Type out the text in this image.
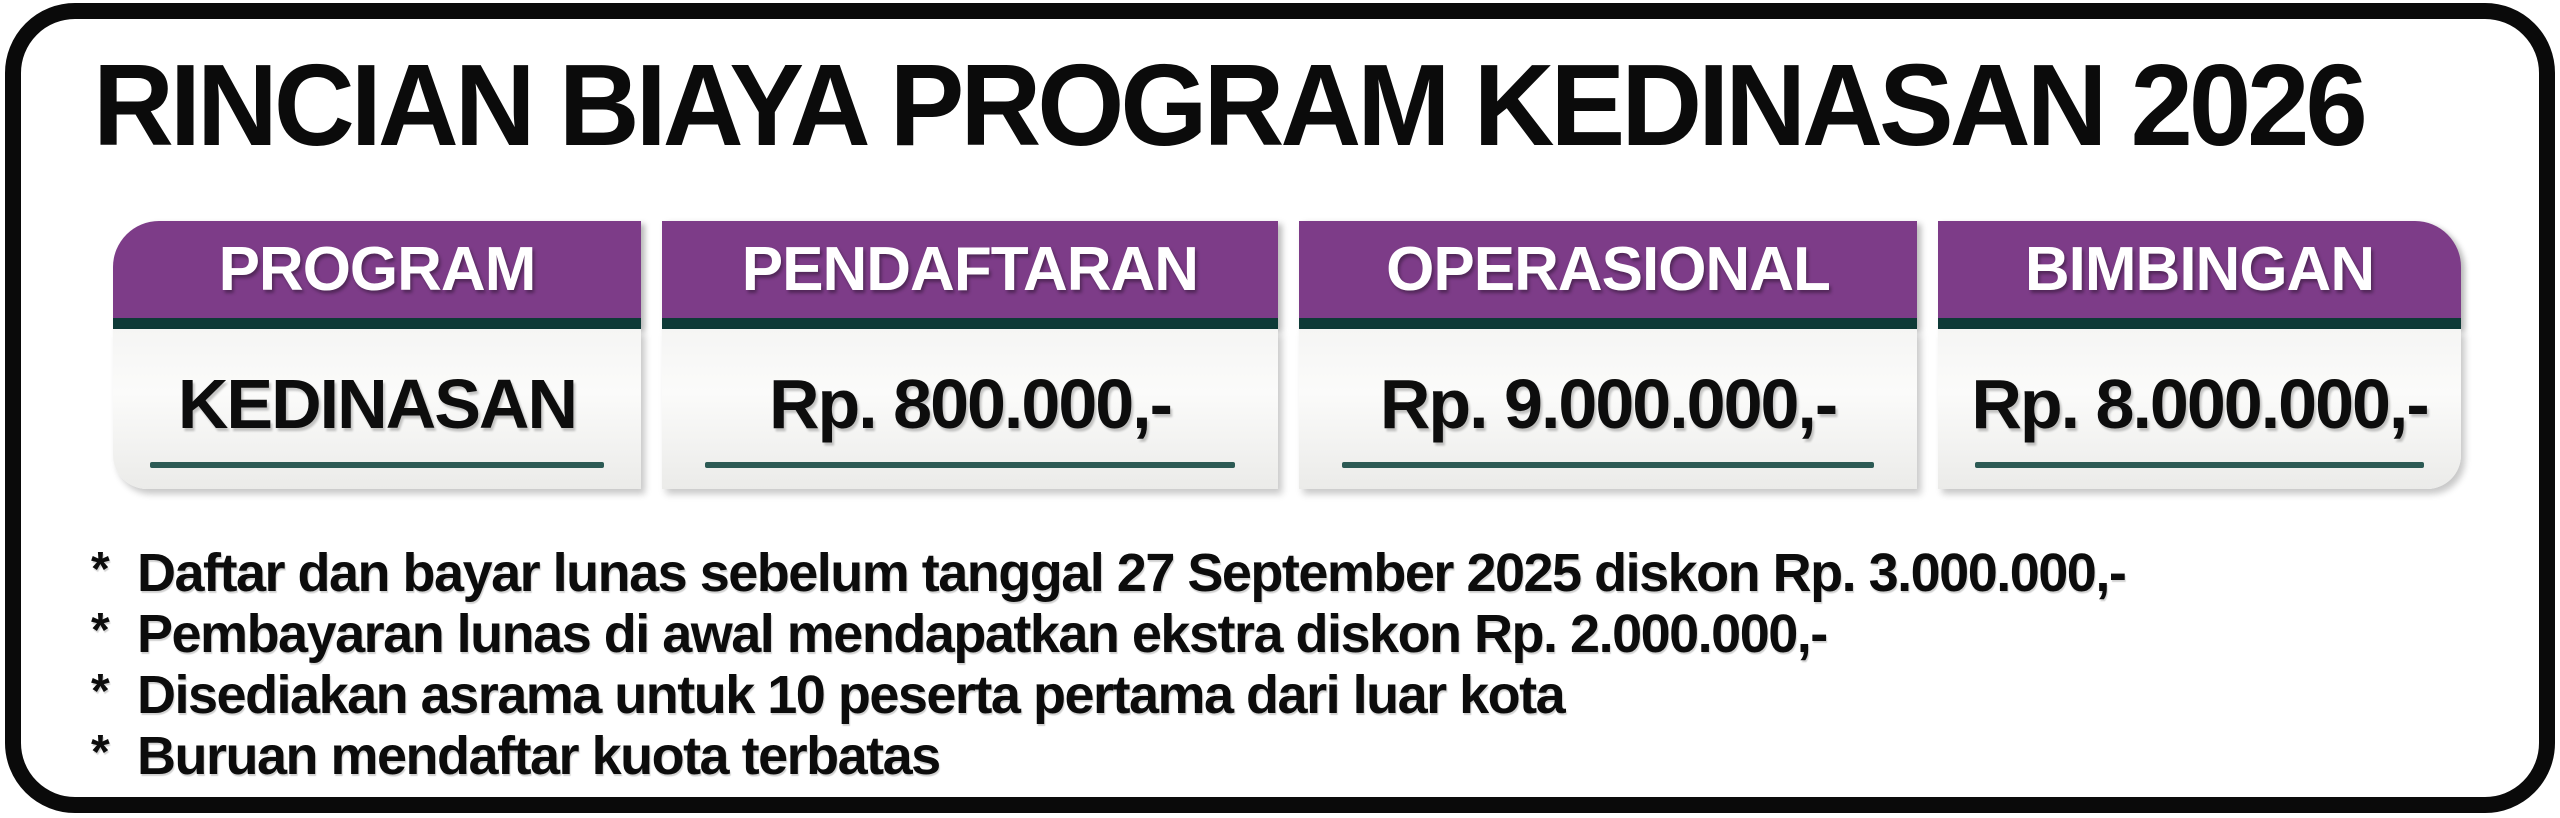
RINCIAN BIAYA PROGRAM KEDINASAN 2026
PROGRAM	PENDAFTARAN	OPERASIONAL	BIMBINGAN
KEDINASAN	Rp. 800.000,-	Rp. 9.000.000,- Rp. 8.000.000,-
* Daftar dan bayar lunas sebelum tanggal 27 September 2025 diskon Rp. 3.000.000,-
* Pembayaran lunas di awal mendapatkan ekstra diskon Rp. 2.000.000,-
* Disediakan asrama untuk 10 peserta pertama dari luar kota
* Buruan mendaftar kuota terbatas
